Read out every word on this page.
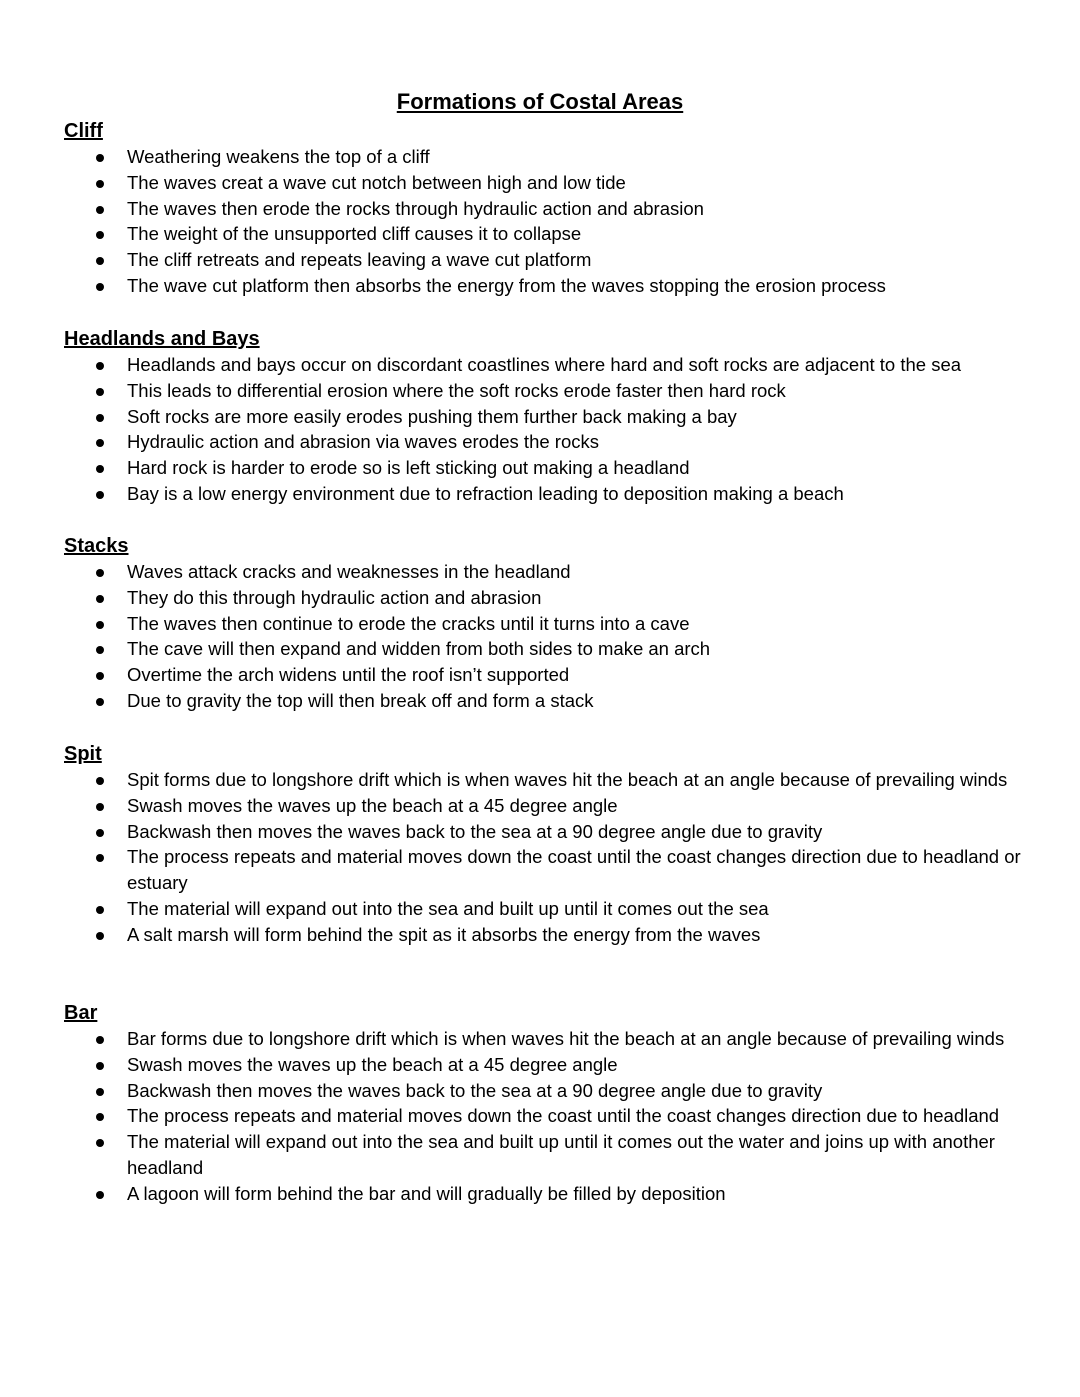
Formations of Costal Areas
Cliff
Weathering weakens the top of a cliff
The waves creat a wave cut notch between high and low tide
The waves then erode the rocks through hydraulic action and abrasion
The weight of the unsupported cliff causes it to collapse
The cliff retreats and repeats leaving a wave cut platform
The wave cut platform then absorbs the energy from the waves stopping the erosion process
Headlands and Bays
Headlands and bays occur on discordant coastlines where hard and soft rocks are adjacent to the sea
This leads to differential erosion where the soft rocks erode faster then hard rock
Soft rocks are more easily erodes pushing them further back making a bay
Hydraulic action and abrasion via waves erodes the rocks
Hard rock is harder to erode so is left sticking out making a headland
Bay is a low energy environment due to refraction leading to deposition making a beach
Stacks
Waves attack cracks and weaknesses in the headland
They do this through hydraulic action and abrasion
The waves then continue to erode the cracks until it turns into a cave
The cave will then expand and widden from both sides to make an arch
Overtime the arch widens until the roof isn’t supported
Due to gravity the top will then break off and form a stack
Spit
Spit forms due to longshore drift which is when waves hit the beach at an angle because of prevailing winds
Swash moves the waves up the beach at a 45 degree angle
Backwash then moves the waves back to the sea at a 90 degree angle due to gravity
The process repeats and material moves down the coast until the coast changes direction due to headland or estuary
The material will expand out into the sea and built up until it comes out the sea
A salt marsh will form behind the spit as it absorbs the energy from the waves
Bar
Bar forms due to longshore drift which is when waves hit the beach at an angle because of prevailing winds
Swash moves the waves up the beach at a 45 degree angle
Backwash then moves the waves back to the sea at a 90 degree angle due to gravity
The process repeats and material moves down the coast until the coast changes direction due to headland
The material will expand out into the sea and built up until it comes out the water and joins up with another headland
A lagoon will form behind the bar and will gradually be filled by deposition
